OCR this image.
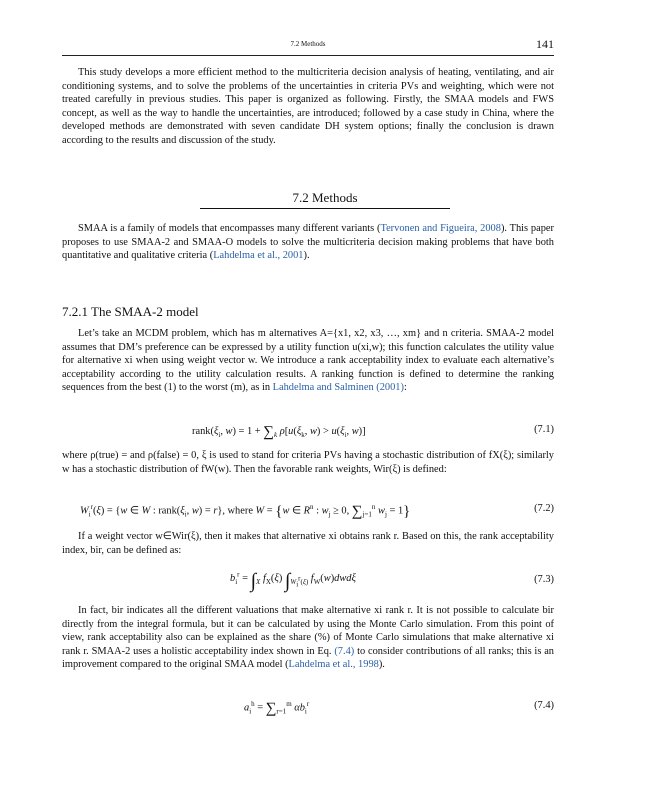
7.2 Methods	141

This study develops a more efficient method to the multicriteria decision analysis of heating, ventilating, and air conditioning systems, and to solve the problems of the uncertainties in criteria PVs and weighting, which were not treated carefully in previous studies. This paper is organized as following. Firstly, the SMAA models and FWS concept, as well as the way to handle the uncertainties, are introduced; followed by a case study in China, where the developed methods are demonstrated with seven candidate DH system options; finally the conclusion is drawn according to the results and discussion of the study.

7.2 Methods

SMAA is a family of models that encompasses many different variants (Tervonen and Figueira, 2008). This paper proposes to use SMAA-2 and SMAA-O models to solve the multicriteria decision making problems that have both quantitative and qualitative criteria (Lahdelma et al., 2001).

7.2.1 The SMAA-2 model

Let’s take an MCDM problem, which has m alternatives A={x1, x2, x3, …, xm} and n criteria. SMAA-2 model assumes that DM’s preference can be expressed by a utility function u(xi,w); this function calculates the utility value for alternative xi when using weight vector w. We introduce a rank acceptability index to evaluate each alternative’s acceptability according to the utility calculation results. A ranking function is defined to determine the ranking sequences from the best (1) to the worst (m), as in Lahdelma and Salminen (2001):

$rank(\xi_i$, $w) = 1 + \sum_k$ $\rho[u(\xi_k$, $w) > u(\xi_i$, w)]	(7.1)

where ρ(true) = and ρ(false) = 0, ξ is used to stand for criteria PVs having a stochastic distribution of fX(ξ); similarly w has a stochastic distribution of fW(w). Then the favorable rank weights, Wir(ξ) is defined:

$W_i^r(\xi) = \{w$ ∈ W : $rank(\xi_i$, w) = r}, where W = {w ∈ $R^n$ : $w_j \ge 0$, $\sum_{j=1}^n$ $w_j = 1$}	(7.2)

If a weight vector w∈Wir(ξ), then it makes that alternative xi obtains rank r. Based on this, the rank acceptability index, bir, can be defined as:

$b_i^r = \int_X$ $f_X(\xi)$ $\int_{W_i^r(\xi)}$ $f_W(w)dwd\xi$	(7.3)

In fact, bir indicates all the different valuations that make alternative xi rank r. It is not possible to calculate bir directly from the integral formula, but it can be calculated by using the Monte Carlo simulation. From this point of view, rank acceptability also can be explained as the share (%) of Monte Carlo simulations that make alternative xi rank r. SMAA-2 uses a holistic acceptability index shown in Eq. (7.4) to consider contributions of all ranks; this is an improvement compared to the original SMAA model (Lahdelma et al., 1998).

$a_i^h = \sum_{r=1}^m$ $\alpha b_i^r$	(7.4)
